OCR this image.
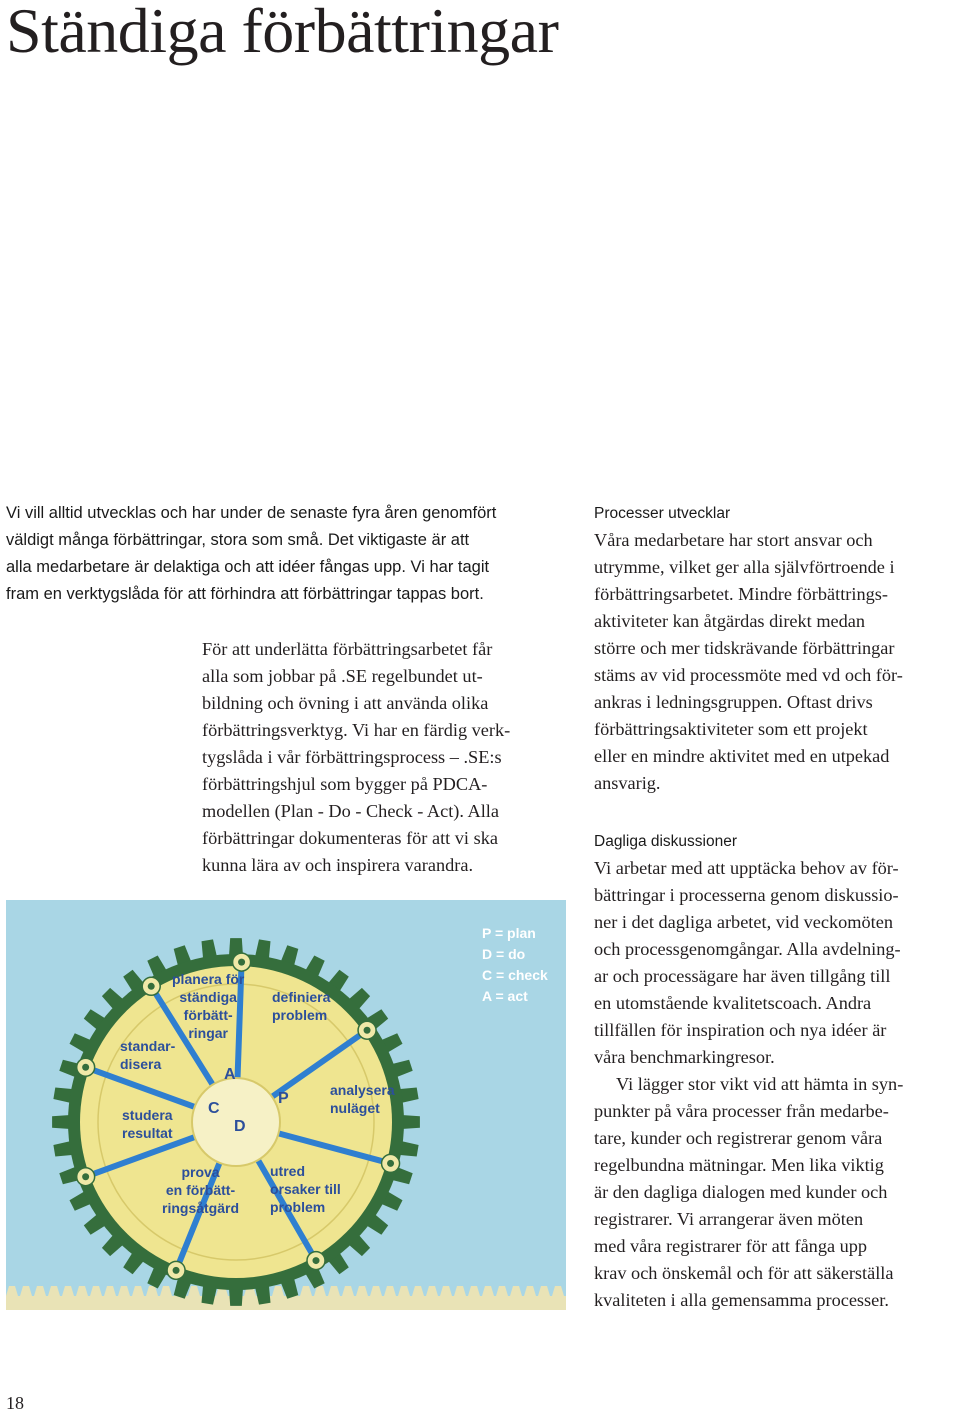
Ständiga förbättringar

Vi vill alltid utvecklas och har under de senaste fyra åren genomfört
väldigt många förbättringar, stora som små. Det viktigaste är att
alla medarbetare är delaktiga och att idéer fångas upp. Vi har tagit
fram en verktygslåda för att förhindra att förbättringar tappas bort.

För att underlätta förbättringsarbetet får
alla som jobbar på .SE regelbundet ut-
bildning och övning i att använda olika
förbättringsverktyg. Vi har en färdig verk-
tygslåda i vår förbättringsprocess – .SE:s
förbättringshjul som bygger på PDCA-
modellen (Plan - Do - Check - Act). Alla
förbättringar dokumenteras för att vi ska
kunna lära av och inspirera varandra.

Processer utvecklar

Våra medarbetare har stort ansvar och
utrymme, vilket ger alla självförtroende i
förbättringsarbetet. Mindre förbättrings-
aktiviteter kan åtgärdas direkt medan
större och mer tidskrävande förbättringar
stäms av vid processmöte med vd och för-
ankras i ledningsgruppen. Oftast drivs
förbättringsaktiviteter som ett projekt
eller en mindre aktivitet med en utpekad
ansvarig.

Dagliga diskussioner

Vi arbetar med att upptäcka behov av för-
bättringar i processerna genom diskussio-
ner i det dagliga arbetet, vid veckomöten
och processgenomgångar. Alla avdelning-
ar och processägare har även tillgång till
en utomstående kvalitetscoach. Andra
tillfällen för inspiration och nya idéer är
våra benchmarkingresor.

Vi lägger stor vikt vid att hämta in syn-
punkter på våra processer från medarbe-
tare, kunder och registrerar genom våra
regelbundna mätningar. Men lika viktig
är den dagliga dialogen med kunder och
registrarer. Vi arrangerar även möten
med våra registrarer för att fånga upp
krav och önskemål och för att säkerställa
kvaliteten i alla gemensamma processer.

planera för
ständiga
förbätt-
ringar
definiera
problem
standar-
disera
analysera
nuläget
studera
resultat
prova
en förbätt-
ringsåtgärd
utred
orsaker till
problem
A
C
D
P
P = plan
D = do
C = check
A = act
18
